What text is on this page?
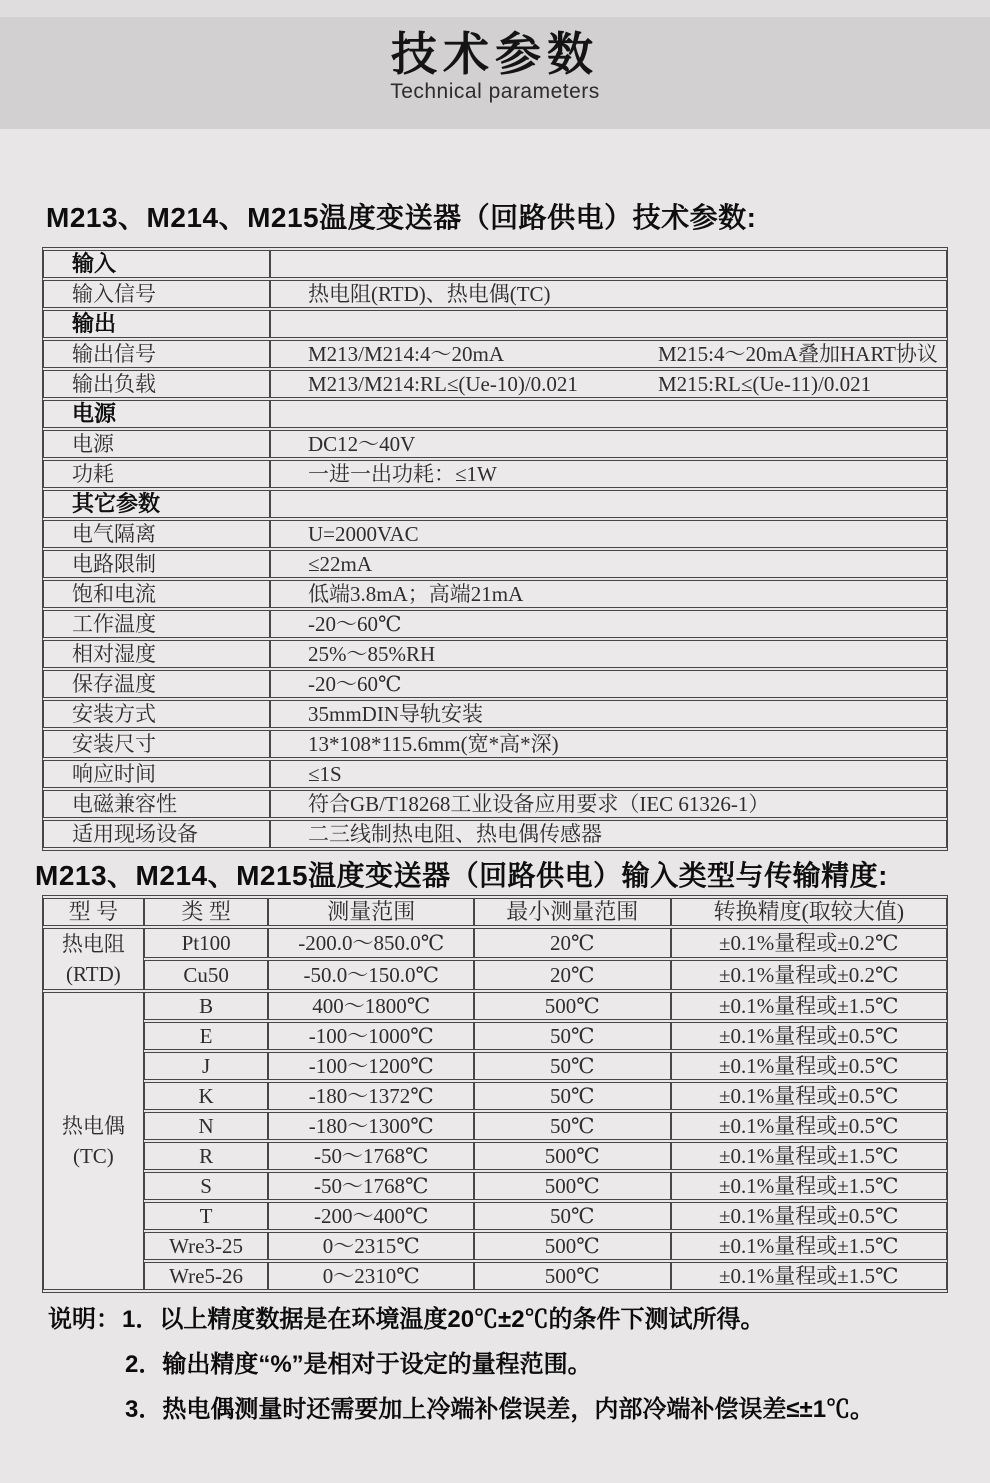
技术参数
Technical parameters
M213、M214、M215温度变送器（回路供电）技术参数:
输入	
输入信号	热电阻(RTD)、热电偶(TC)
输出	
输出信号	M213/M214:4～20mA M215:4～20mA叠加HART协议
输出负载	M213/M214:RL≤(Ue-10)/0.021 M215:RL≤(Ue-11)/0.021
电源	
电源	DC12～40V
功耗	一进一出功耗：≤1W
其它参数	
电气隔离	U=2000VAC
电路限制	≤22mA
饱和电流	低端3.8mA；高端21mA
工作温度	-20～60℃
相对湿度	25%～85%RH
保存温度	-20～60℃
安装方式	35mmDIN导轨安装
安装尺寸	13*108*115.6mm(宽*高*深)
响应时间	≤1S
电磁兼容性	符合GB/T18268工业设备应用要求（IEC 61326-1）
适用现场设备	二三线制热电阻、热电偶传感器
M213、M214、M215温度变送器（回路供电）输入类型与传输精度:
型 号	类 型	测量范围	最小测量范围	转换精度(取较大值)

热电阻
(RTD)	Pt100	-200.0～850.0℃	20℃	±0.1%量程或±0.2℃
	Cu50	-50.0～150.0℃	20℃	±0.1%量程或±0.2℃

热电偶
(TC)	B	400～1800℃	500℃	±0.1%量程或±1.5℃
	E	-100～1000℃	50℃	±0.1%量程或±0.5℃
	J	-100～1200℃	50℃	±0.1%量程或±0.5℃
	K	-180～1372℃	50℃	±0.1%量程或±0.5℃
	N	-180～1300℃	50℃	±0.1%量程或±0.5℃
	R	-50～1768℃	500℃	±0.1%量程或±1.5℃
	S	-50～1768℃	500℃	±0.1%量程或±1.5℃
	T	-200～400℃	50℃	±0.1%量程或±0.5℃
	Wre3-25	0～2315℃	500℃	±0.1%量程或±1.5℃
	Wre5-26	0～2310℃	500℃	±0.1%量程或±1.5℃
说明：1．以上精度数据是在环境温度20℃±2℃的条件下测试所得。
2．输出精度“%”是相对于设定的量程范围。
3．热电偶测量时还需要加上冷端补偿误差，内部冷端补偿误差≤±1℃。
